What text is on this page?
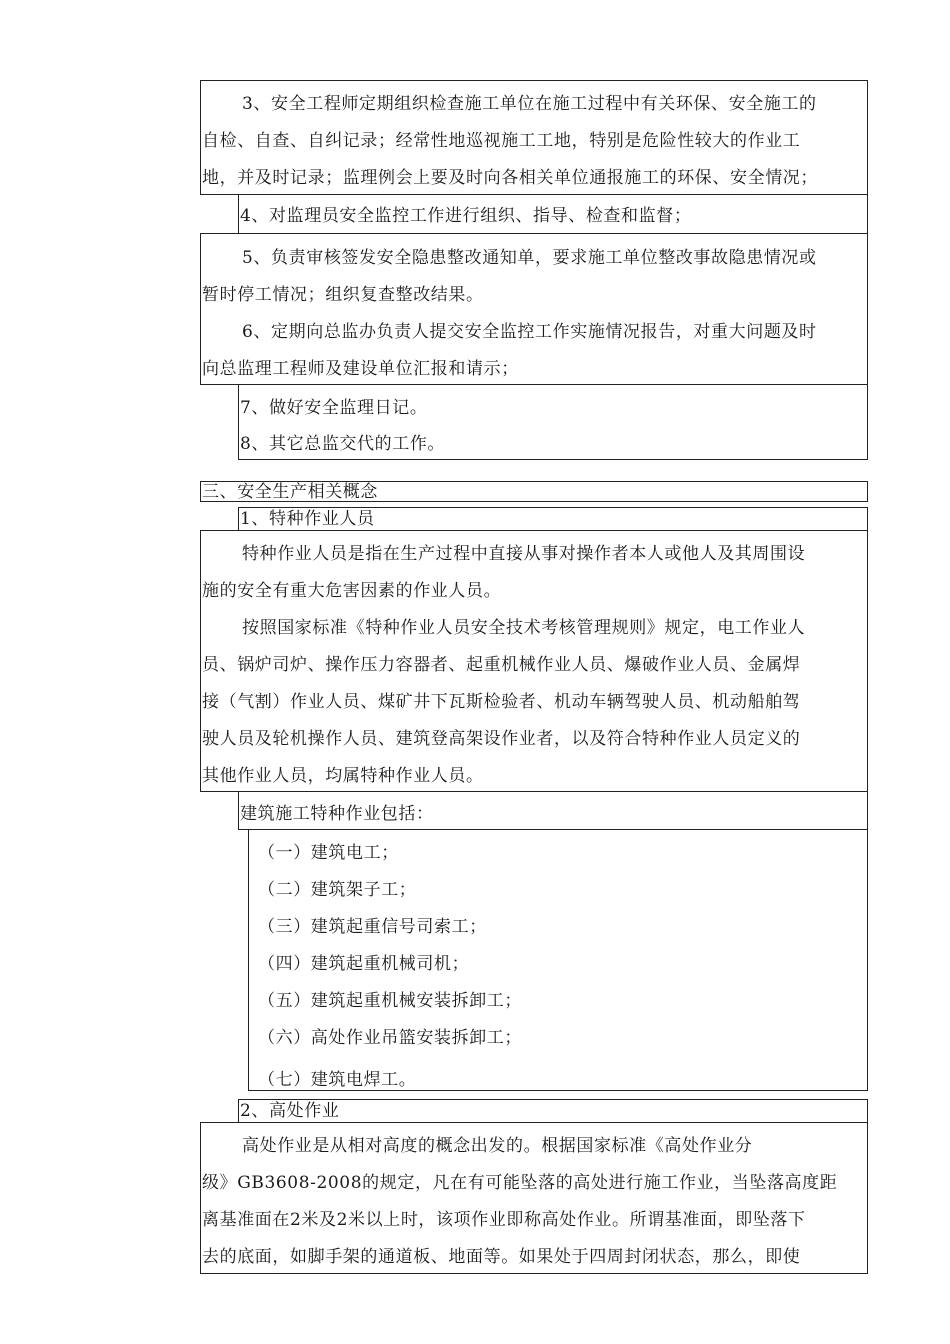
3、安全工程师定期组织检查施工单位在施工过程中有关环保、安全施工的
自检、自查、自纠记录；经常性地巡视施工工地，特别是危险性较大的作业工
地，并及时记录；监理例会上要及时向各相关单位通报施工的环保、安全情况；
4、对监理员安全监控工作进行组织、指导、检查和监督；
5、负责审核签发安全隐患整改通知单，要求施工单位整改事故隐患情况或
暂时停工情况；组织复查整改结果。
6、定期向总监办负责人提交安全监控工作实施情况报告，对重大问题及时
向总监理工程师及建设单位汇报和请示；
7、做好安全监理日记。
8、其它总监交代的工作。
三、安全生产相关概念
1、特种作业人员
特种作业人员是指在生产过程中直接从事对操作者本人或他人及其周围设
施的安全有重大危害因素的作业人员。
按照国家标准《特种作业人员安全技术考核管理规则》规定，电工作业人
员、锅炉司炉、操作压力容器者、起重机械作业人员、爆破作业人员、金属焊
接（气割）作业人员、煤矿井下瓦斯检验者、机动车辆驾驶人员、机动船舶驾
驶人员及轮机操作人员、建筑登高架设作业者，以及符合特种作业人员定义的
其他作业人员，均属特种作业人员。
建筑施工特种作业包括：
（一）建筑电工；
（二）建筑架子工；
（三）建筑起重信号司索工；
（四）建筑起重机械司机；
（五）建筑起重机械安装拆卸工；
（六）高处作业吊篮安装拆卸工；
（七）建筑电焊工。
2、高处作业
高处作业是从相对高度的概念出发的。根据国家标准《高处作业分
级》GB3608-2008的规定，凡在有可能坠落的高处进行施工作业，当坠落高度距
离基准面在2米及2米以上时，该项作业即称高处作业。所谓基准面，即坠落下
去的底面，如脚手架的通道板、地面等。如果处于四周封闭状态，那么，即使
